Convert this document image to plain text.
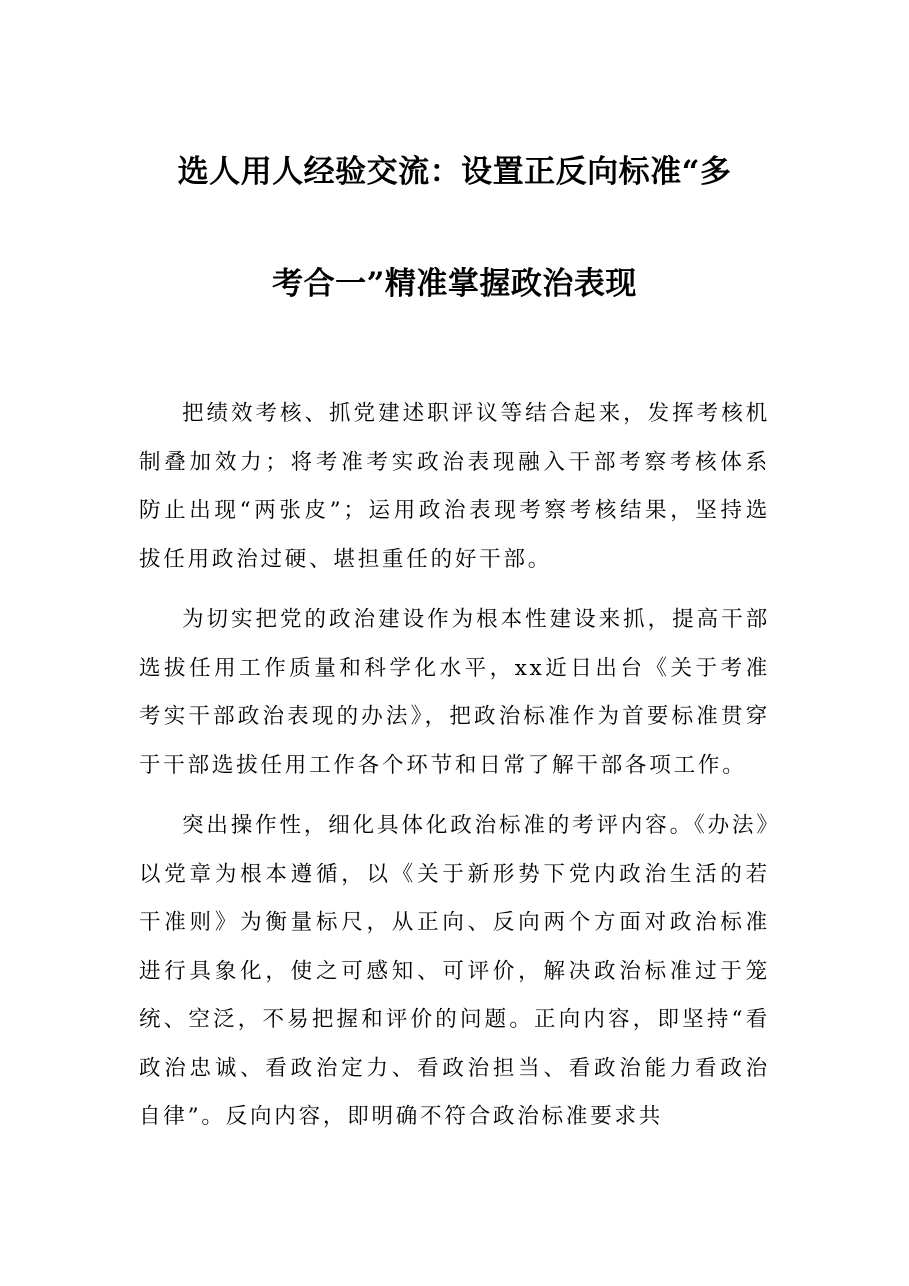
选人用人经验交流：设置正反向标准“多
考合一”精准掌握政治表现

把绩效考核、抓党建述职评议等结合起来，发挥考核机制叠加效力；将考准考实政治表现融入干部考察考核体系防止出现“两张皮”；运用政治表现考察考核结果，坚持选拔任用政治过硬、堪担重任的好干部。

为切实把党的政治建设作为根本性建设来抓，提高干部选拔任用工作质量和科学化水平，xx近日出台《关于考准考实干部政治表现的办法》，把政治标准作为首要标准贯穿于干部选拔任用工作各个环节和日常了解干部各项工作。

突出操作性，细化具体化政治标准的考评内容。《办法》以党章为根本遵循，以《关于新形势下党内政治生活的若干准则》为衡量标尺，从正向、反向两个方面对政治标准进行具象化，使之可感知、可评价，解决政治标准过于笼统、空泛，不易把握和评价的问题。正向内容，即坚持“看政治忠诚、看政治定力、看政治担当、看政治能力看政治自律”。反向内容，即明确不符合政治标准要求共
